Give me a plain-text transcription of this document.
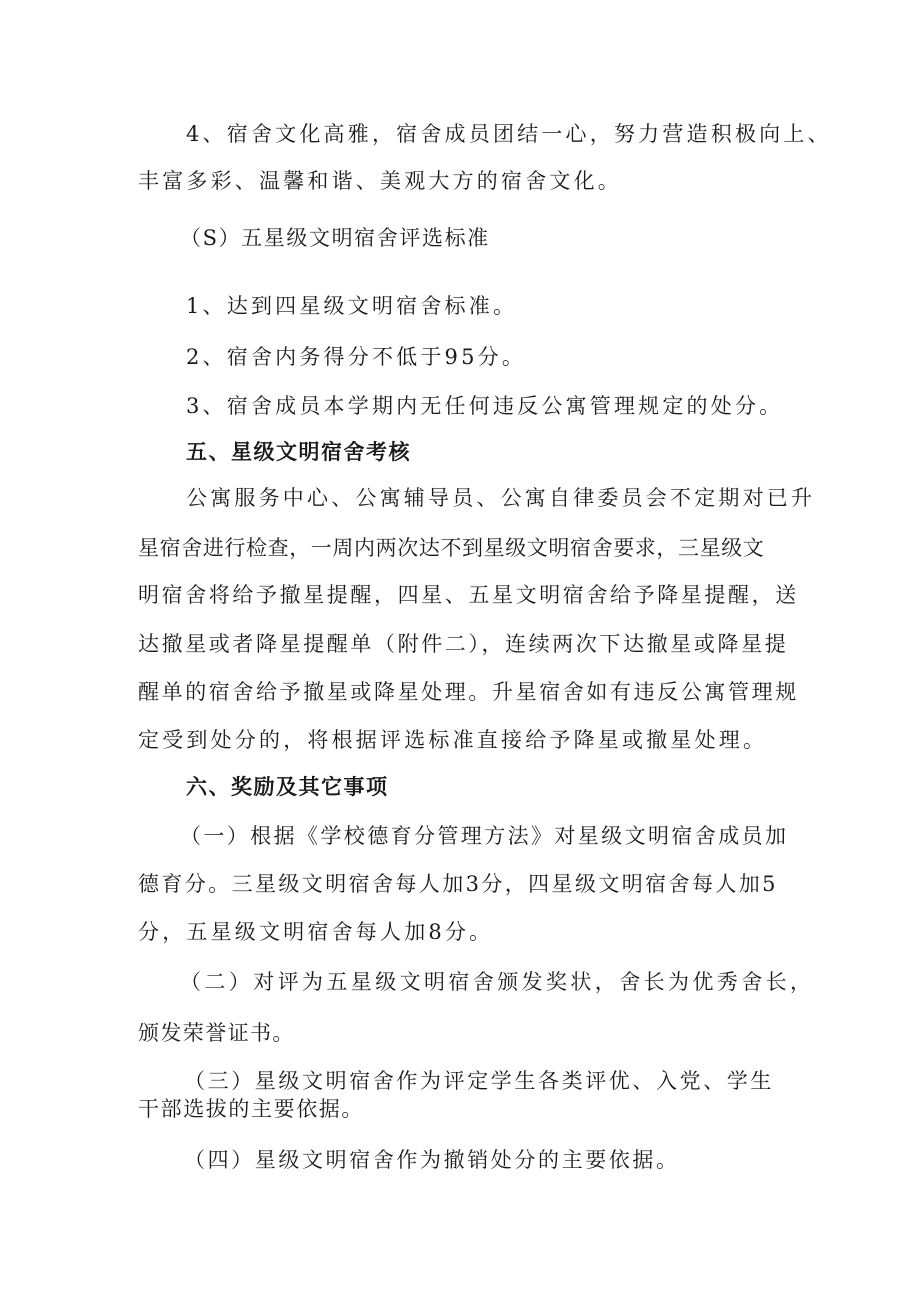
4、宿舍文化高雅，宿舍成员团结一心，努力营造积极向上、
丰富多彩、温馨和谐、美观大方的宿舍文化。
（S）五星级文明宿舍评选标准
1、达到四星级文明宿舍标准。
2、宿舍内务得分不低于95分。
3、宿舍成员本学期内无任何违反公寓管理规定的处分。
五、星级文明宿舍考核
公寓服务中心、公寓辅导员、公寓自律委员会不定期对已升
星宿舍进行检查，一周内两次达不到星级文明宿舍要求，三星级文
明宿舍将给予撤星提醒，四星、五星文明宿舍给予降星提醒，送
达撤星或者降星提醒单（附件二），连续两次下达撤星或降星提
醒单的宿舍给予撤星或降星处理。升星宿舍如有违反公寓管理规
定受到处分的，将根据评选标准直接给予降星或撤星处理。
六、奖励及其它事项
（一）根据《学校德育分管理方法》对星级文明宿舍成员加
德育分。三星级文明宿舍每人加3分，四星级文明宿舍每人加5
分，五星级文明宿舍每人加8分。
（二）对评为五星级文明宿舍颁发奖状，舍长为优秀舍长，
颁发荣誉证书。
（三）星级文明宿舍作为评定学生各类评优、入党、学生
干部选拔的主要依据。
（四）星级文明宿舍作为撤销处分的主要依据。
